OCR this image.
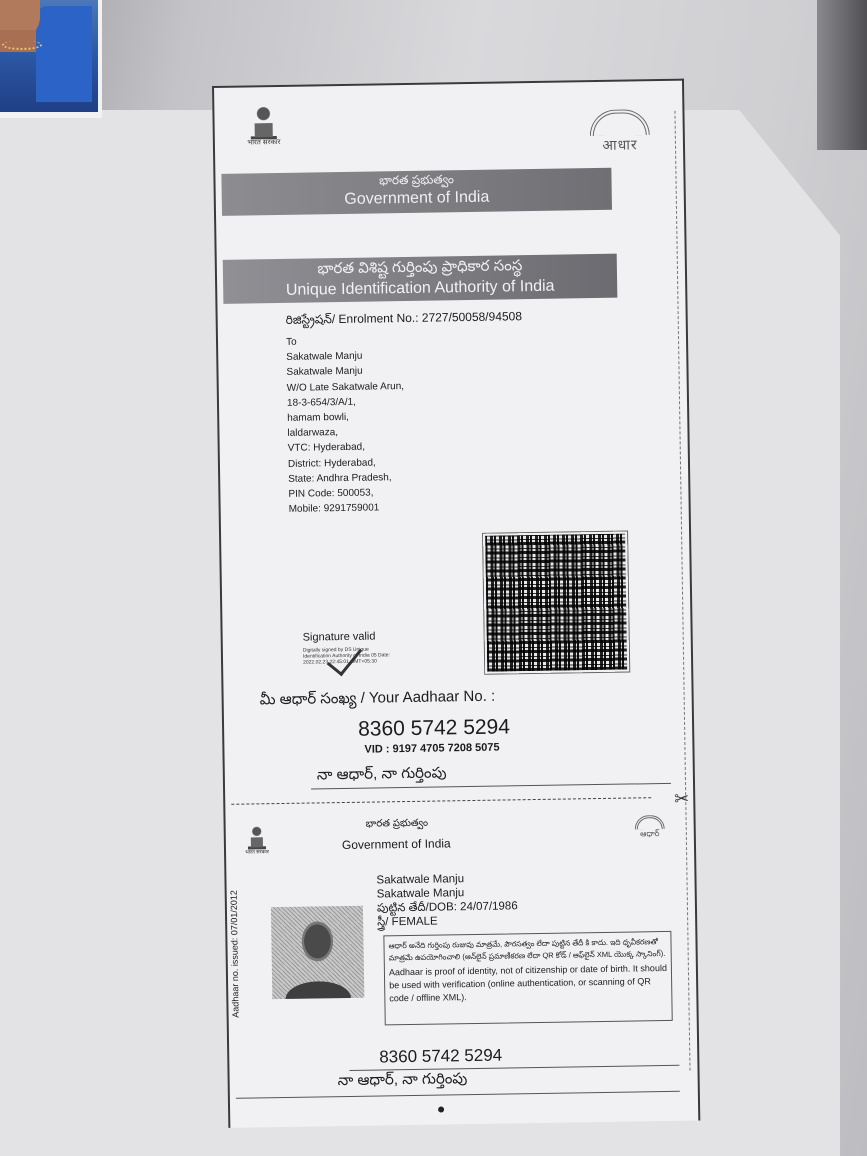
भारत सरकार	आधार
భారత ప్రభుత్వం
Government of India
భారత విశిష్ట గుర్తింపు ప్రాధికార సంస్థ
Unique Identification Authority of India
రిజిస్ట్రేషన్/ Enrolment No.: 2727/50058/94508
To
Sakatwale Manju
Sakatwale Manju
W/O Late Sakatwale Arun,
18-3-654/3/A/1,
hamam bowli,
laldarwaza,
VTC: Hyderabad,
District: Hyderabad,
State: Andhra Pradesh,
PIN Code: 500053,
Mobile: 9291759001
Signature valid
Digitally signed by DS Unique Identification Authority of India 05 Date: 2022.02.23 22:45:01 GMT+05:30
మీ ఆధార్ సంఖ్య / Your Aadhaar No. :
8360 5742 5294
VID : 9197 4705 7208 5075
నా ఆధార్, నా గుర్తింపు
✂
भारत सरकार
భారత ప్రభుత్వం
Government of India
ఆధార్
Aadhaar no. issued: 07/01/2012
Sakatwale Manju
Sakatwale Manju
పుట్టిన తేదీ/DOB: 24/07/1986
స్త్రీ/ FEMALE
ఆధార్ అనేది గుర్తింపు రుజువు మాత్రమే, పౌరసత్వం లేదా పుట్టిన తేదీ కి కాదు. ఇది ధృవీకరణతో మాత్రమే ఉపయోగించాలి (ఆన్‌లైన్ ప్రమాణీకరణ లేదా QR కోడ్ / ఆఫ్‌లైన్ XML యొక్క స్కానింగ్).
Aadhaar is proof of identity, not of citizenship or date of birth. It should be used with verification (online authentication, or scanning of QR code / offline XML).
8360 5742 5294
నా ఆధార్, నా గుర్తింపు
